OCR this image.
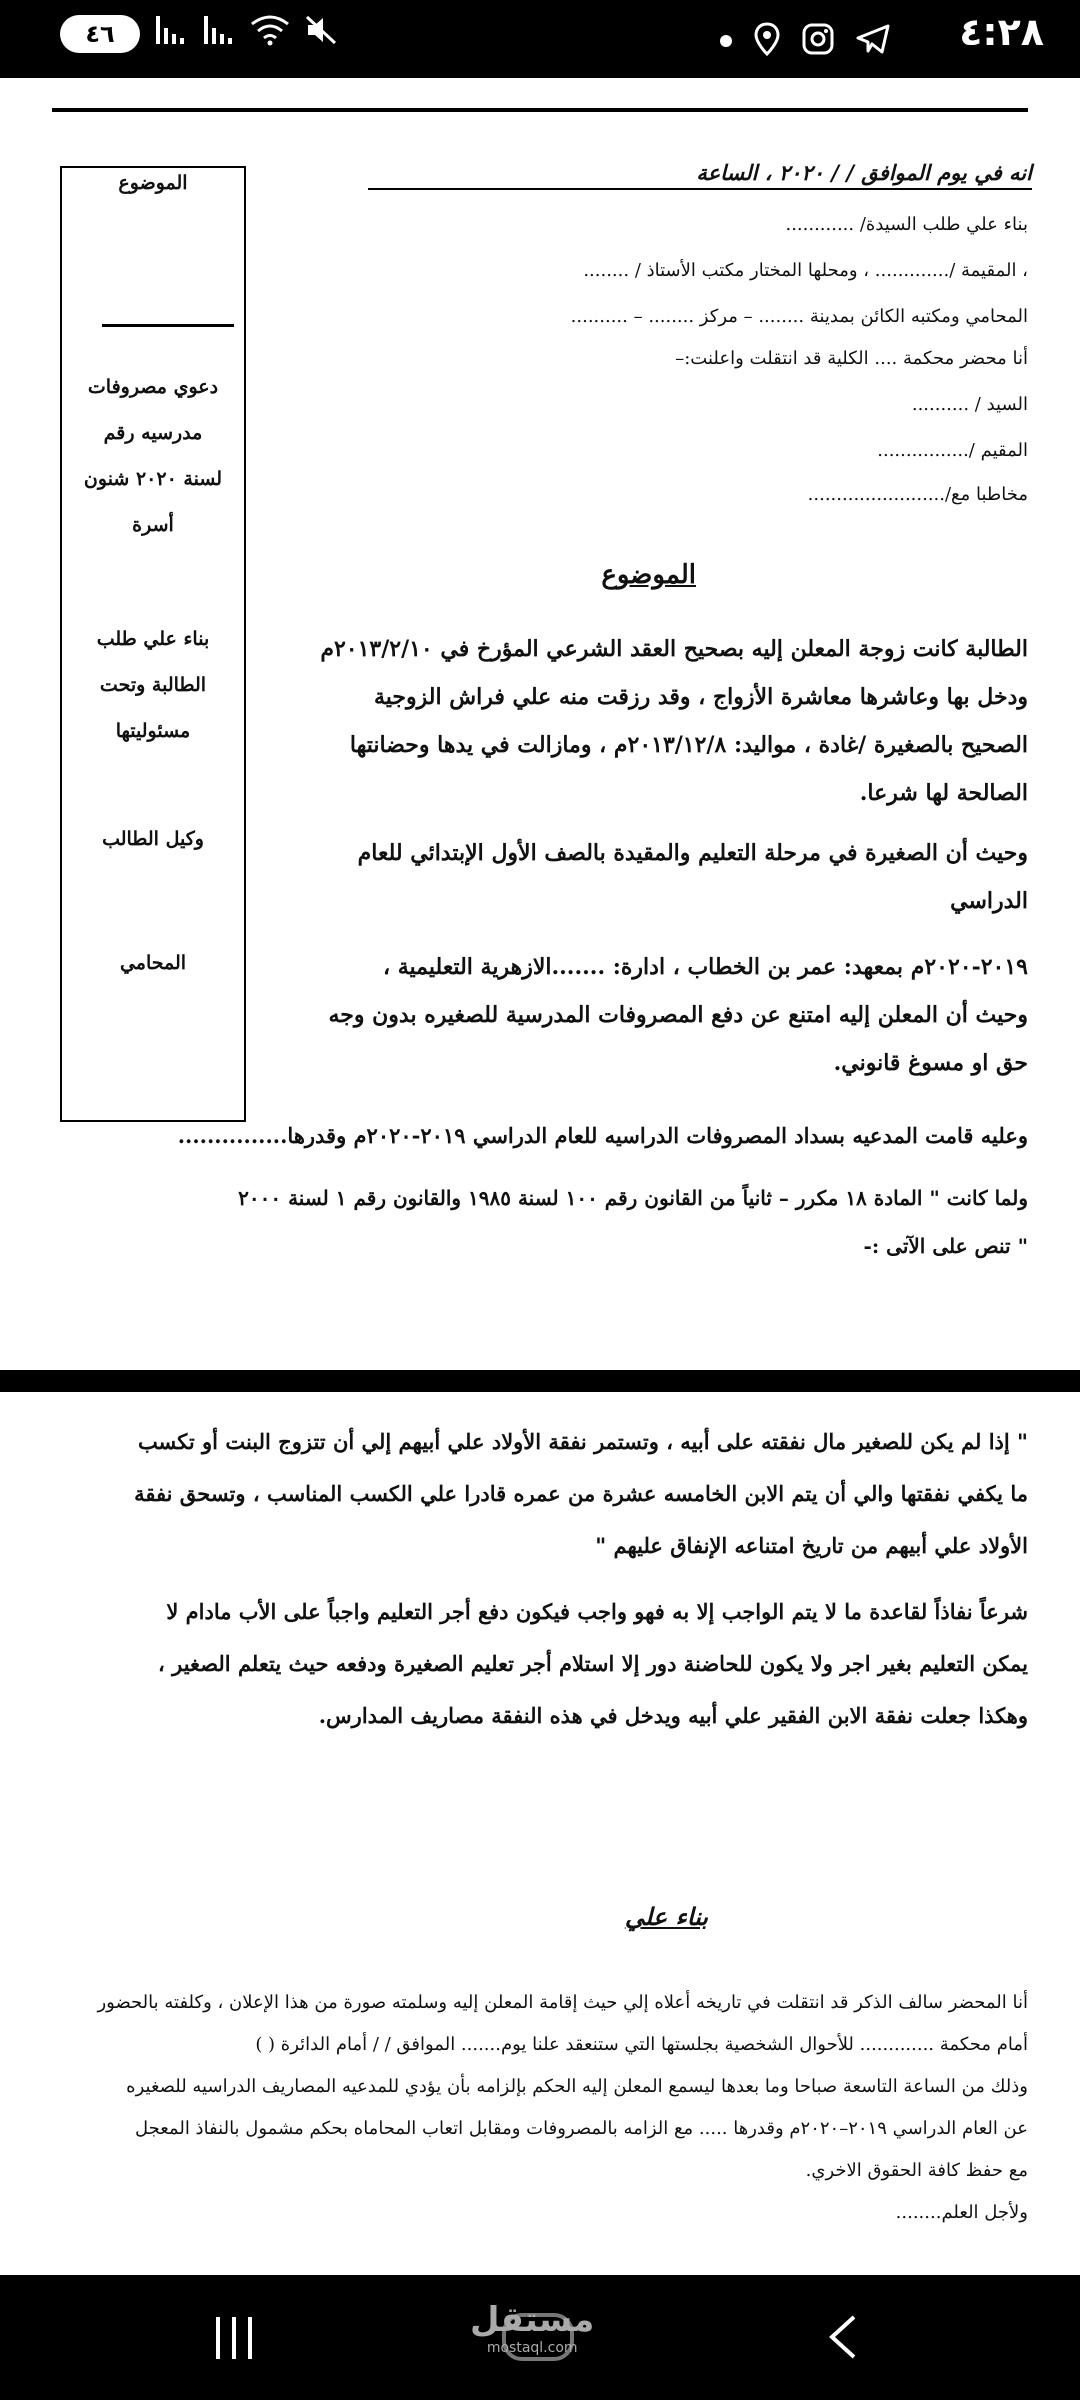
٤:٢٨
٤٦
الموضوع
دعوي مصروفات
مدرسيه رقم
لسنة ٢٠٢٠ شنون
أسرة
بناء علي طلب
الطالبة وتحت
مسئوليتها
وكيل الطالب
المحامي
انه في يوم الموافق / / ٢٠٢٠ ، الساعة
بناء علي طلب السيدة/ ............
، المقيمة /............. ، ومحلها المختار مكتب الأستاذ / ........
المحامي ومكتبه الكائن بمدينة ........ – مركز ........ – ..........
أنا محضر محكمة .... الكلية قد انتقلت واعلنت:–
السيد / ..........
المقيم /................
مخاطبا مع/........................
الموضوع
الطالبة كانت زوجة المعلن إليه بصحيح العقد الشرعي المؤرخ في ٢٠١٣/٢/١٠م
ودخل بها وعاشرها معاشرة الأزواج ، وقد رزقت منه علي فراش الزوجية
الصحيح بالصغيرة /غادة ، مواليد: ٢٠١٣/١٢/٨م ، ومازالت في يدها وحضانتها
الصالحة لها شرعا.
وحيث أن الصغيرة في مرحلة التعليم والمقيدة بالصف الأول الإبتدائي للعام
الدراسي
٢٠١٩-٢٠٢٠م بمعهد: عمر بن الخطاب ، ادارة: .......الازهرية التعليمية ،
وحيث أن المعلن إليه امتنع عن دفع المصروفات المدرسية للصغيره بدون وجه
حق او مسوغ قانوني.
وعليه قامت المدعيه بسداد المصروفات الدراسيه للعام الدراسي ٢٠١٩-٢٠٢٠م وقدرها...............
ولما كانت " المادة ١٨ مكرر – ثانياً من القانون رقم ١٠٠ لسنة ١٩٨٥ والقانون رقم ١ لسنة ٢٠٠٠
" تنص على الآتى :-
" إذا لم يكن للصغير مال نفقته على أبيه ، وتستمر نفقة الأولاد علي أبيهم إلي أن تتزوج البنت أو تكسب
ما يكفي نفقتها والي أن يتم الابن الخامسه عشرة من عمره قادرا علي الكسب المناسب ، وتسحق نفقة
الأولاد علي أبيهم من تاريخ امتناعه الإنفاق عليهم "
شرعاً نفاذاً لقاعدة ما لا يتم الواجب إلا به فهو واجب فيكون دفع أجر التعليم واجباً على الأب مادام لا
يمكن التعليم بغير اجر ولا يكون للحاضنة دور إلا استلام أجر تعليم الصغيرة ودفعه حيث يتعلم الصغير ،
وهكذا جعلت نفقة الابن الفقير علي أبيه ويدخل في هذه النفقة مصاريف المدارس.
بناء علي
أنا المحضر سالف الذكر قد انتقلت في تاريخه أعلاه إلي حيث إقامة المعلن إليه وسلمته صورة من هذا الإعلان ، وكلفته بالحضور
أمام محكمة ............. للأحوال الشخصية بجلستها التي ستنعقد علنا يوم....... الموافق / / أمام الدائرة ( )
وذلك من الساعة التاسعة صباحا وما بعدها ليسمع المعلن إليه الحكم بإلزامه بأن يؤدي للمدعيه المصاريف الدراسيه للصغيره
عن العام الدراسي ٢٠١٩–٢٠٢٠م وقدرها ..... مع الزامه بالمصروفات ومقابل اتعاب المحاماه بحكم مشمول بالنفاذ المعجل
مع حفظ كافة الحقوق الاخري.
ولأجل العلم........
مستقل
mostaql.com
